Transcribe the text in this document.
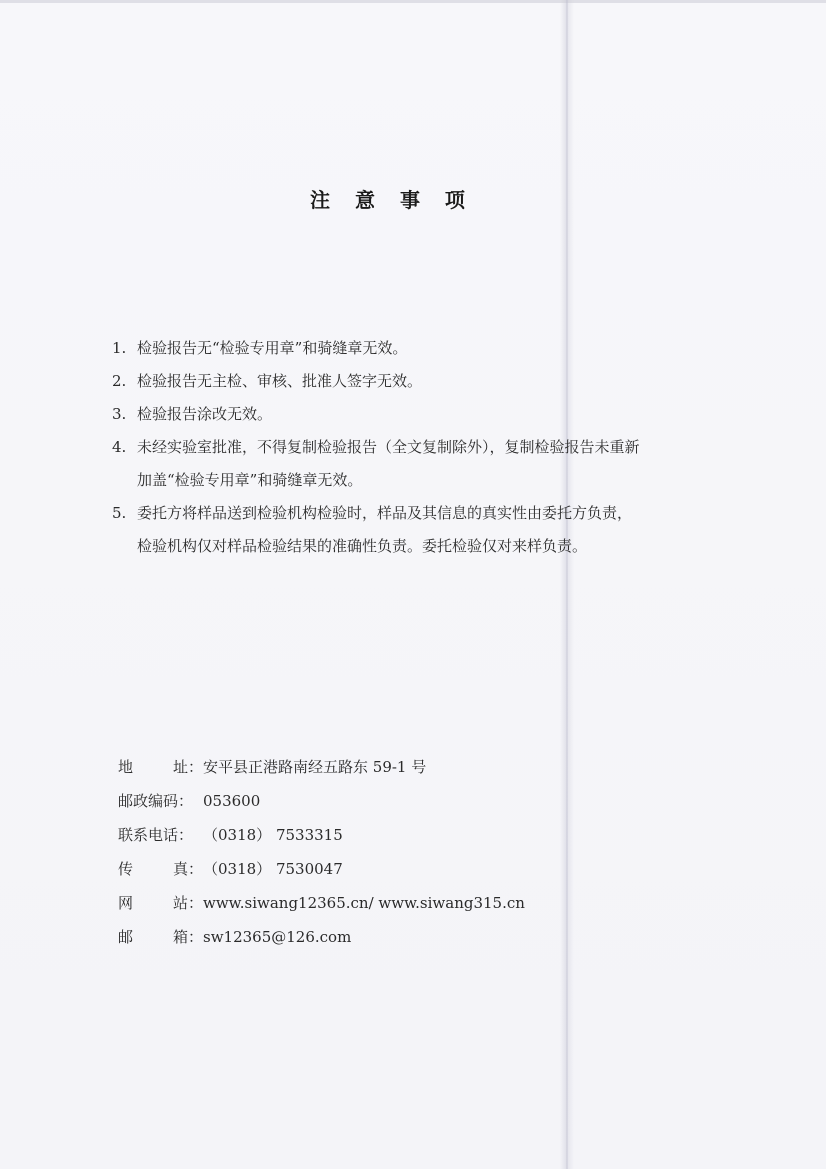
注 意 事 项
1. 检验报告无“检验专用章”和骑缝章无效。
2. 检验报告无主检、审核、批准人签字无效。
3. 检验报告涂改无效。
4. 未经实验室批准，不得复制检验报告（全文复制除外），复制检验报告未重新
加盖“检验专用章”和骑缝章无效。
5. 委托方将样品送到检验机构检验时，样品及其信息的真实性由委托方负责，
检验机构仅对样品检验结果的准确性负责。委托检验仅对来样负责。
地	址： 安平县正港路南经五路东 59-1 号
邮政编码： 053600
联系电话： （0318） 7533315
传	真： （0318） 7530047
网	站： www.siwang12365.cn/ www.siwang315.cn
邮	箱： sw12365@126.com
